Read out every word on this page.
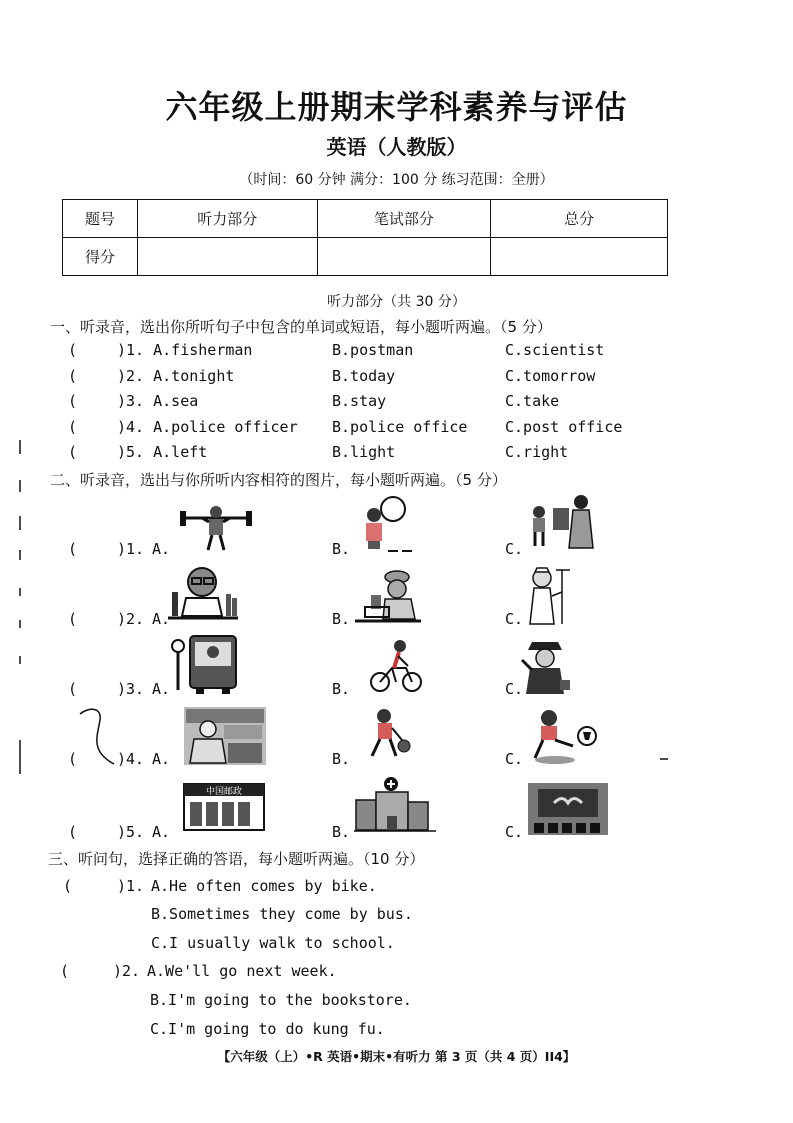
六年级上册期末学科素养与评估
英语（人教版）
（时间：60 分钟 满分：100 分 练习范围：全册）
题号	听力部分	笔试部分	总分
得分			
听力部分（共 30 分）
一、听录音，选出你所听句子中包含的单词或短语，每小题听两遍。（5 分）
(	)1. A.fisherman	B.postman	C.scientist
(	)2. A.tonight	B.today	C.tomorrow
(	)3. A.sea	B.stay	C.take
(	)4. A.police officer B.police office	C.post office
(	)5. A.left	B.light	C.right
二、听录音，选出与你所听内容相符的图片，每小题听两遍。（5 分）
(	)1. A.	B.	C.
(	)2. A.	B.	C.
(	)3. A.	B.	C.
(	)4. A.	B.	C.
(	)5. A.	B.	C.
中国邮政
三、听问句，选择正确的答语，每小题听两遍。（10 分）
(	)1. A.He often comes by bike.
B.Sometimes they come by bus.
C.I usually walk to school.
(	)2. A.We'll go next week.
B.I'm going to the bookstore.
C.I'm going to do kung fu.
【六年级（上）•R 英语•期末•有听力 第 3 页（共 4 页）II4】
